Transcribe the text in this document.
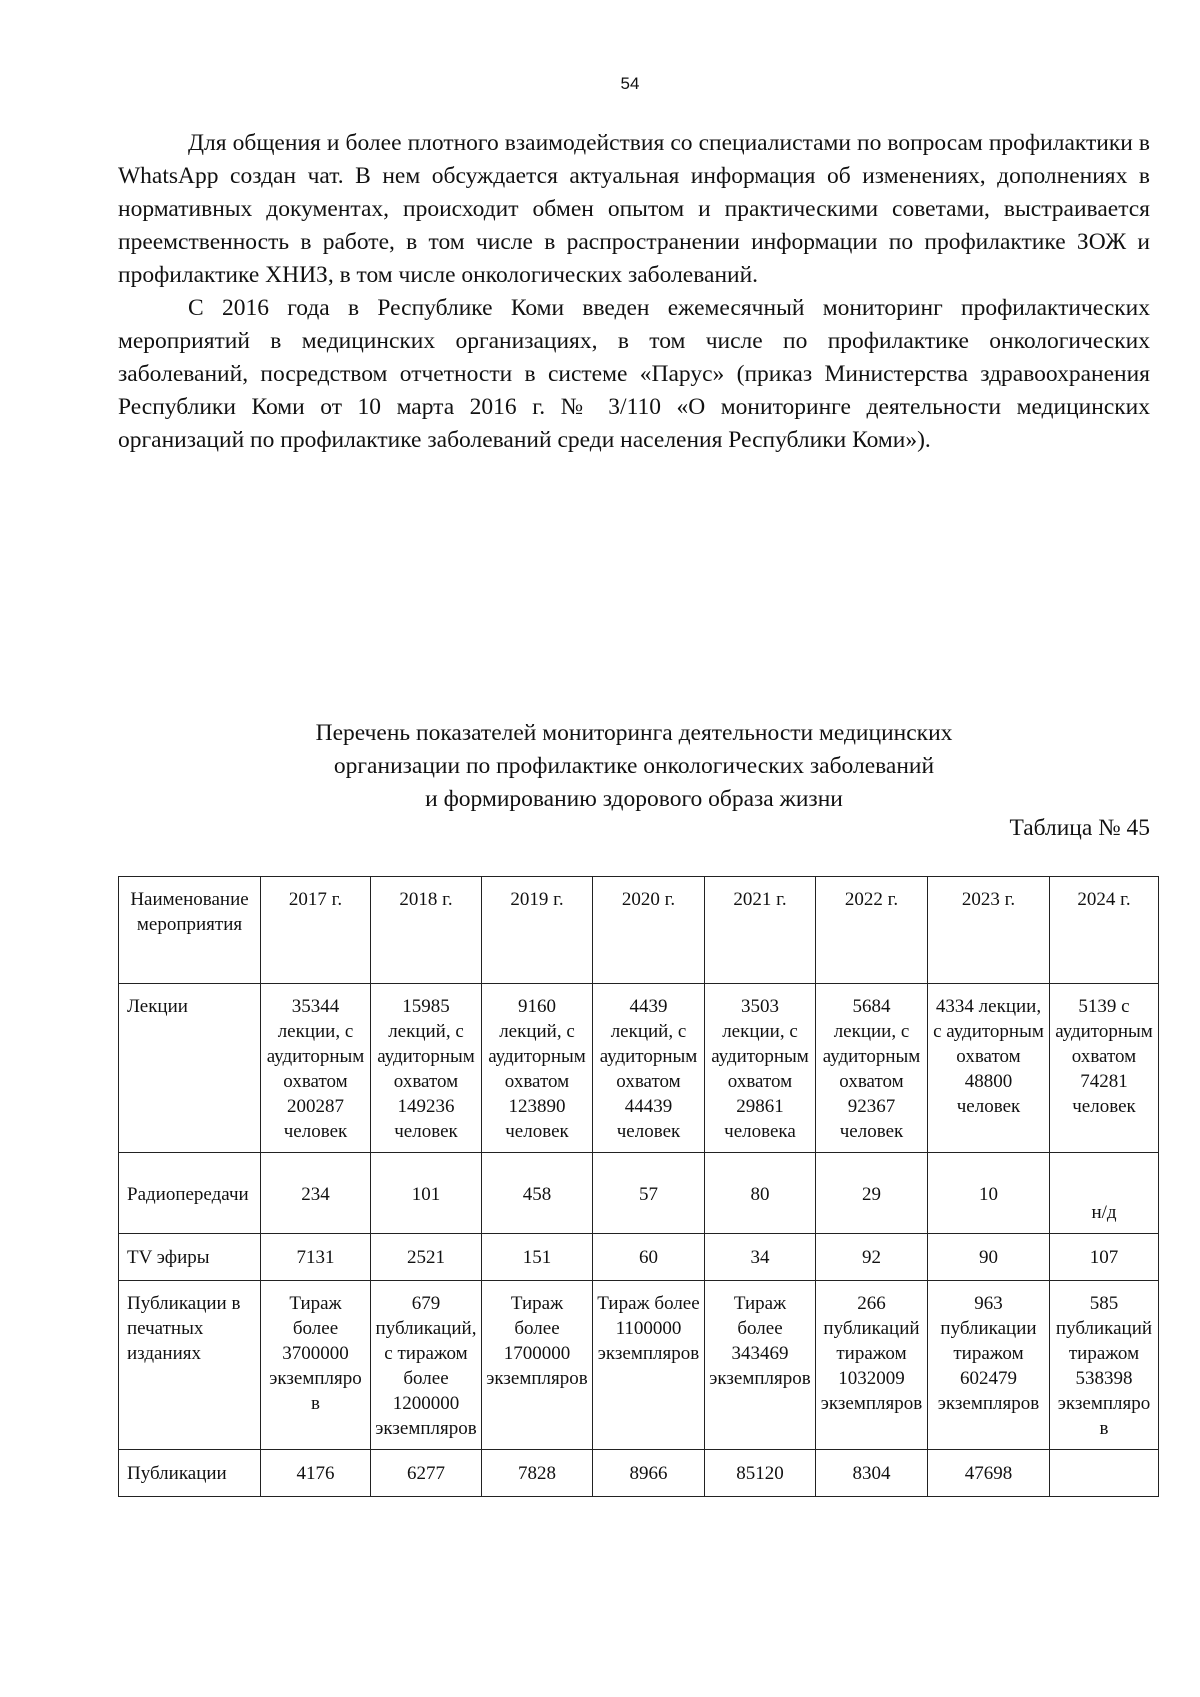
54

Для общения и более плотного взаимодействия со специалистами по вопросам профилактики в WhatsApp создан чат. В нем обсуждается актуальная информация об изменениях, дополнениях в нормативных документах, происходит обмен опытом и практическими советами, выстраивается преемственность в работе, в том числе в распространении информации по профилактике ЗОЖ и профилактике ХНИЗ, в том числе онкологических заболеваний.

С 2016 года в Республике Коми введен ежемесячный мониторинг профилактических мероприятий в медицинских организациях, в том числе по профилактике онкологических заболеваний, посредством отчетности в системе «Парус» (приказ Министерства здравоохранения Республики Коми от 10 марта 2016 г. № 3/110 «О мониторинге деятельности медицинских организаций по профилактике заболеваний среди населения Республики Коми»).

Перечень показателей мониторинга деятельности медицинских
организации по профилактике онкологических заболеваний
и формированию здорового образа жизни
Таблица № 45
Наименование мероприятия	2017 г.	2018 г.	2019 г.	2020 г.	2021 г.	2022 г.	2023 г.	2024 г.
Лекции	35344 лекции, с аудиторным охватом 200287 человек	15985 лекций, с аудиторным охватом 149236 человек	9160 лекций, с аудиторным охватом 123890 человек	4439 лекций, с аудиторным охватом 44439 человек	3503 лекции, с аудиторным охватом 29861 человека	5684 лекции, с аудиторным охватом 92367 человек	4334 лекции, с аудиторным охватом 48800 человек	5139 с аудиторным охватом 74281 человек
Радиопередачи	234	101	458	57	80	29	10	н/д
TV эфиры	7131	2521	151	60	34	92	90	107
Публикации в печатных изданиях	Тираж более 3700000 экземпляров	679 публикаций, с тиражом более 1200000 экземпляров	Тираж более 1700000 экземпляров	Тираж более 1100000 экземпляров	Тираж более 343469 экземпляров	266 публикаций тиражом 1032009 экземпляров	963 публикации тиражом 602479 экземпляров	585 публикаций тиражом 538398 экземпляров
Публикации	4176	6277	7828	8966	85120	8304	47698	
